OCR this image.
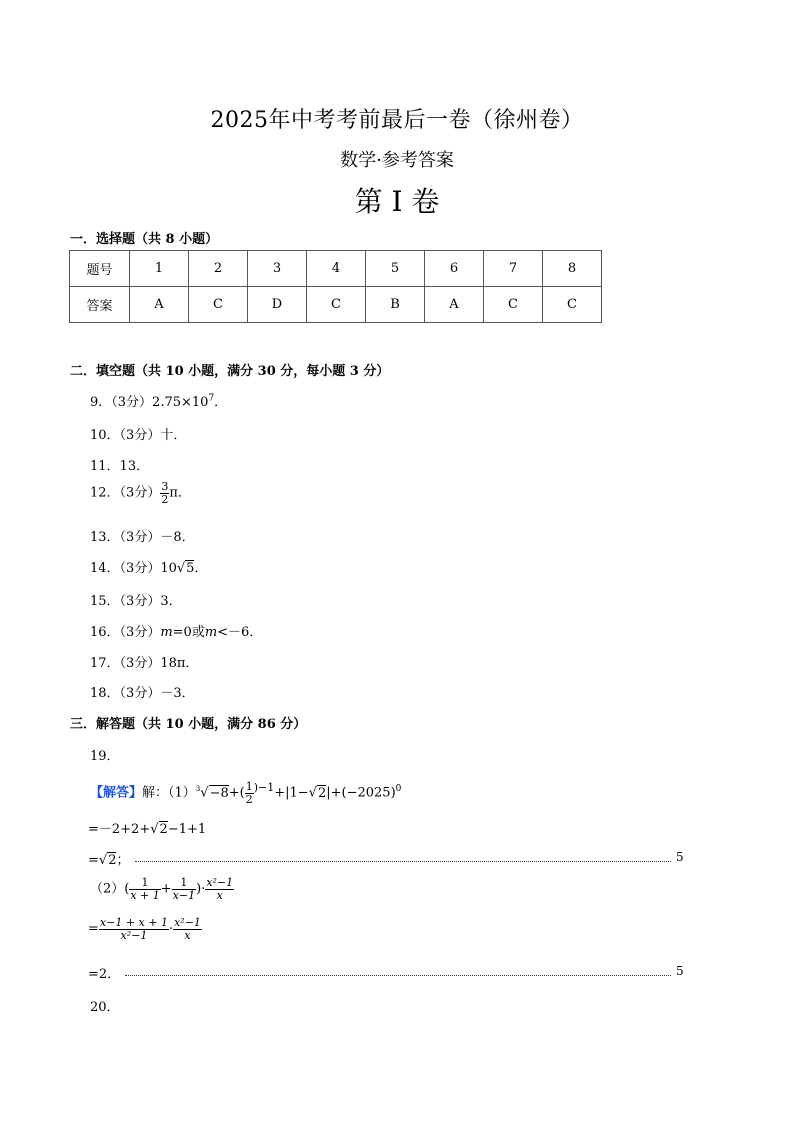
2025年中考考前最后一卷（徐州卷）
数学·参考答案
第 I 卷
一．选择题（共 8 小题）
题号	1	2	3	4	5	6	7	8
答案	A	C	D	C	B	A	C	C
二．填空题（共 10 小题，满分 30 分，每小题 3 分）
9．（3分）$2.75\times 10^7$．
10．（3分）十．
11．13．
12．（3分） $\frac{3}{2}$ π．
13．（3分）－8．
14．（3分）10√5．
15．（3分）3．
16．（3分）m=0或m<－6．
17．（3分）18π．
18．（3分）－3．
三．解答题（共 10 小题，满分 86 分）
19．
【解答】解：$(1)^3√-8+( \frac{1}{2} ^{)-1}+|1-√2|+(-2025)^0$
=－2+2+√2−1+1
=√2；	5
$(2)( \frac{1}{x + 1} + \frac{1}{x-1}$ )· $\frac{\text{x²−1}}{x}$
= $\frac{x-1 + x + 1}{\text{x²−1}} \cdot \frac{\text{x²−1}}{x}$
=2．	5
20．
